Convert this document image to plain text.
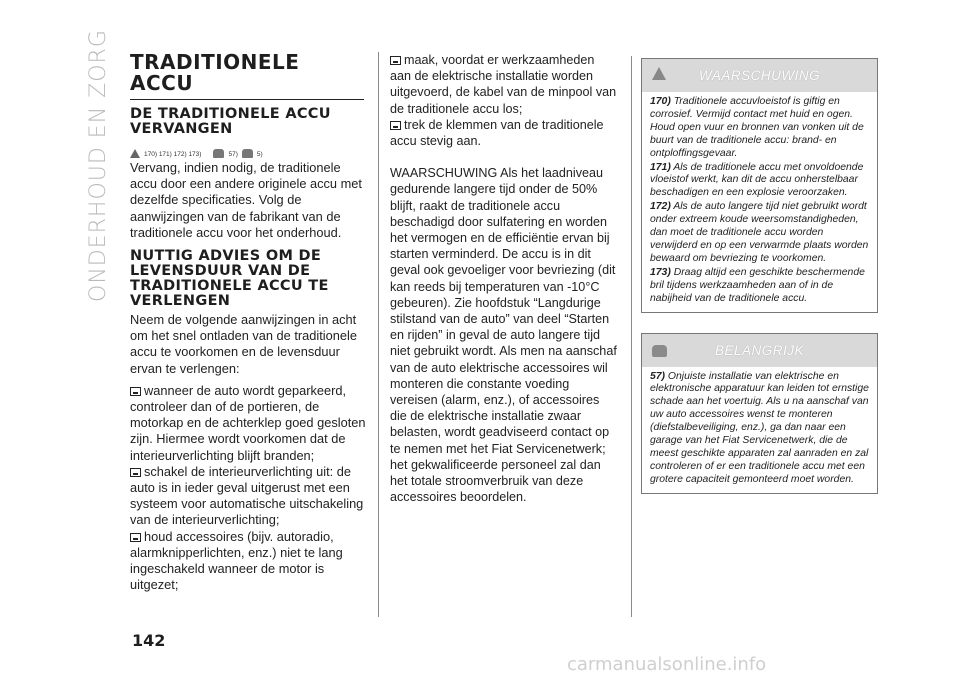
ONDERHOUD EN ZORG TRADITIONELE ACCU
DE TRADITIONELE ACCU VERVANGEN
170) 171) 172) 173)	57)	5)

Vervang, indien nodig, de traditionele accu door een andere originele accu met dezelfde specificaties. Volg de aanwijzingen van de fabrikant van de traditionele accu voor het onderhoud.

NUTTIG ADVIES OM DE LEVENSDUUR VAN DE TRADITIONELE ACCU TE VERLENGEN

Neem de volgende aanwijzingen in acht om het snel ontladen van de traditionele accu te voorkomen en de levensduur ervan te verlengen:

wanneer de auto wordt geparkeerd, controleer dan of de portieren, de motorkap en de achterklep goed gesloten zijn. Hiermee wordt voorkomen dat de interieurverlichting blijft branden;

schakel de interieurverlichting uit: de auto is in ieder geval uitgerust met een systeem voor automatische uitschakeling van de interieurverlichting;

houd accessoires (bijv. autoradio, alarmknipperlichten, enz.) niet te lang ingeschakeld wanneer de motor is uitgezet;

maak, voordat er werkzaamheden aan de elektrische installatie worden uitgevoerd, de kabel van de minpool van de traditionele accu los;

trek de klemmen van de traditionele accu stevig aan.

WAARSCHUWING Als het laadniveau gedurende langere tijd onder de 50% blijft, raakt de traditionele accu beschadigd door sulfatering en worden het vermogen en de efficiëntie ervan bij starten verminderd. De accu is in dit geval ook gevoeliger voor bevriezing (dit kan reeds bij temperaturen van -10°C gebeuren). Zie hoofdstuk “Langdurige stilstand van de auto” van deel “Starten en rijden” in geval de auto langere tijd niet gebruikt wordt. Als men na aanschaf van de auto elektrische accessoires wil monteren die constante voeding vereisen (alarm, enz.), of accessoires die de elektrische installatie zwaar belasten, wordt geadviseerd contact op te nemen met het Fiat Servicenetwerk; het gekwalificeerde personeel zal dan het totale stroomverbruik van deze accessoires beoordelen.

WAARSCHUWING

170) Traditionele accuvloeistof is giftig en corrosief. Vermijd contact met huid en ogen. Houd open vuur en bronnen van vonken uit de buurt van de traditionele accu: brand- en ontploffingsgevaar.

171) Als de traditionele accu met onvoldoende vloeistof werkt, kan dit de accu onherstelbaar beschadigen en een explosie veroorzaken.

172) Als de auto langere tijd niet gebruikt wordt onder extreem koude weersomstandigheden, dan moet de traditionele accu worden verwijderd en op een verwarmde plaats worden bewaard om bevriezing te voorkomen.

173) Draag altijd een geschikte beschermende bril tijdens werkzaamheden aan of in de nabijheid van de traditionele accu.

BELANGRIJK

57) Onjuiste installatie van elektrische en elektronische apparatuur kan leiden tot ernstige schade aan het voertuig. Als u na aanschaf van uw auto accessoires wenst te monteren (diefstalbeveiliging, enz.), ga dan naar een garage van het Fiat Servicenetwerk, die de meest geschikte apparaten zal aanraden en zal controleren of er een traditionele accu met een grotere capaciteit gemonteerd moet worden.

142
carmanualsonline.info
